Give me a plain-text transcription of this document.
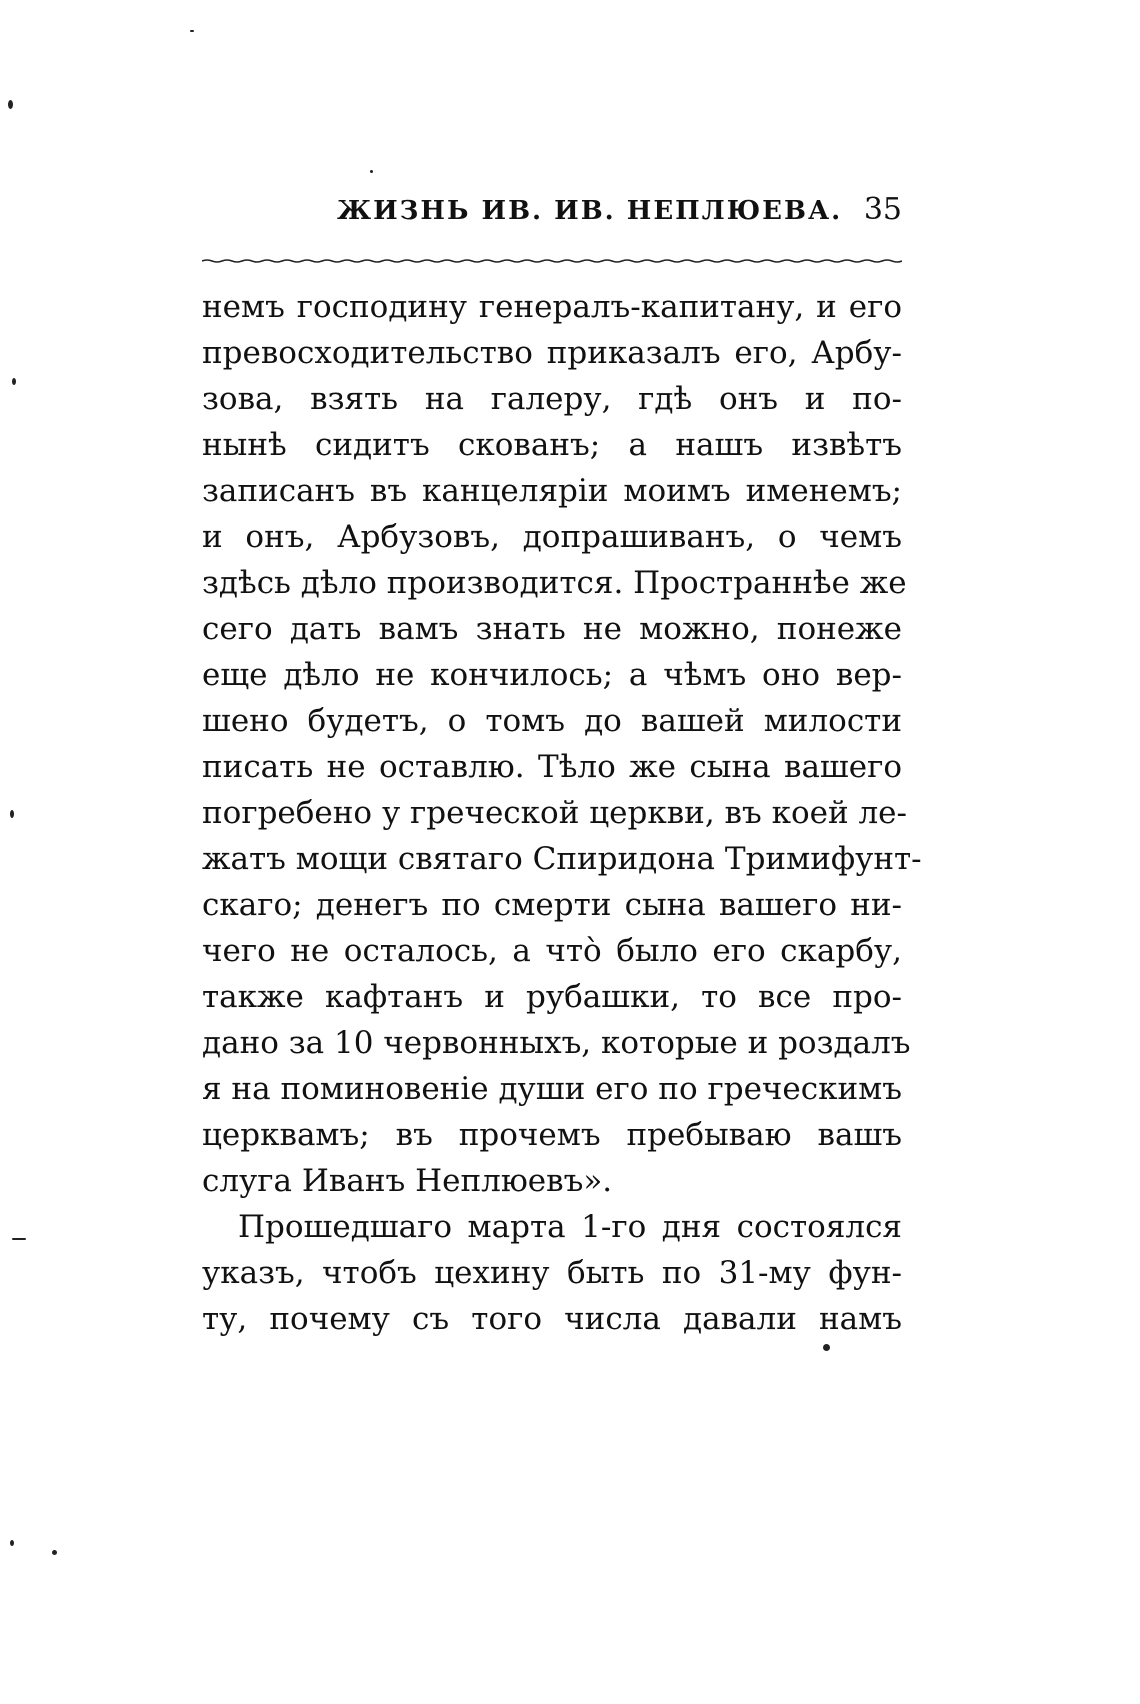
ЖИЗНЬ ИВ. ИВ. НЕПЛЮЕВА. 35
немъ господину генералъ-капитану, и его
превосходительство приказалъ его, Арбу-
зова, взять на галеру, гдѣ онъ и по-
нынѣ сидитъ скованъ; а нашъ извѣтъ
записанъ въ канцеляріи моимъ именемъ;
и онъ, Арбузовъ, допрашиванъ, о чемъ
здѣсь дѣло производится. Пространнѣе же
сего дать вамъ знать не можно, понеже
еще дѣло не кончилось; а чѣмъ оно вер-
шено будетъ, о томъ до вашей милости
писать не оставлю. Тѣло же сына вашего
погребено у греческой церкви, въ коей ле-
жатъ мощи святаго Спиридона Тримифунт-
скаго; денегъ по смерти сына вашего ни-
чего не осталось, а что̀ было его скарбу,
также кафтанъ и рубашки, то все про-
дано за 10 червонныхъ, которые и роздалъ
я на поминовеніе души его по греческимъ
церквамъ; въ прочемъ пребываю вашъ
слуга Иванъ Неплюевъ».
Прошедшаго марта 1-го дня состоялся
указъ, чтобъ цехину быть по 31-му фун-
ту, почему съ того числа давали намъ
